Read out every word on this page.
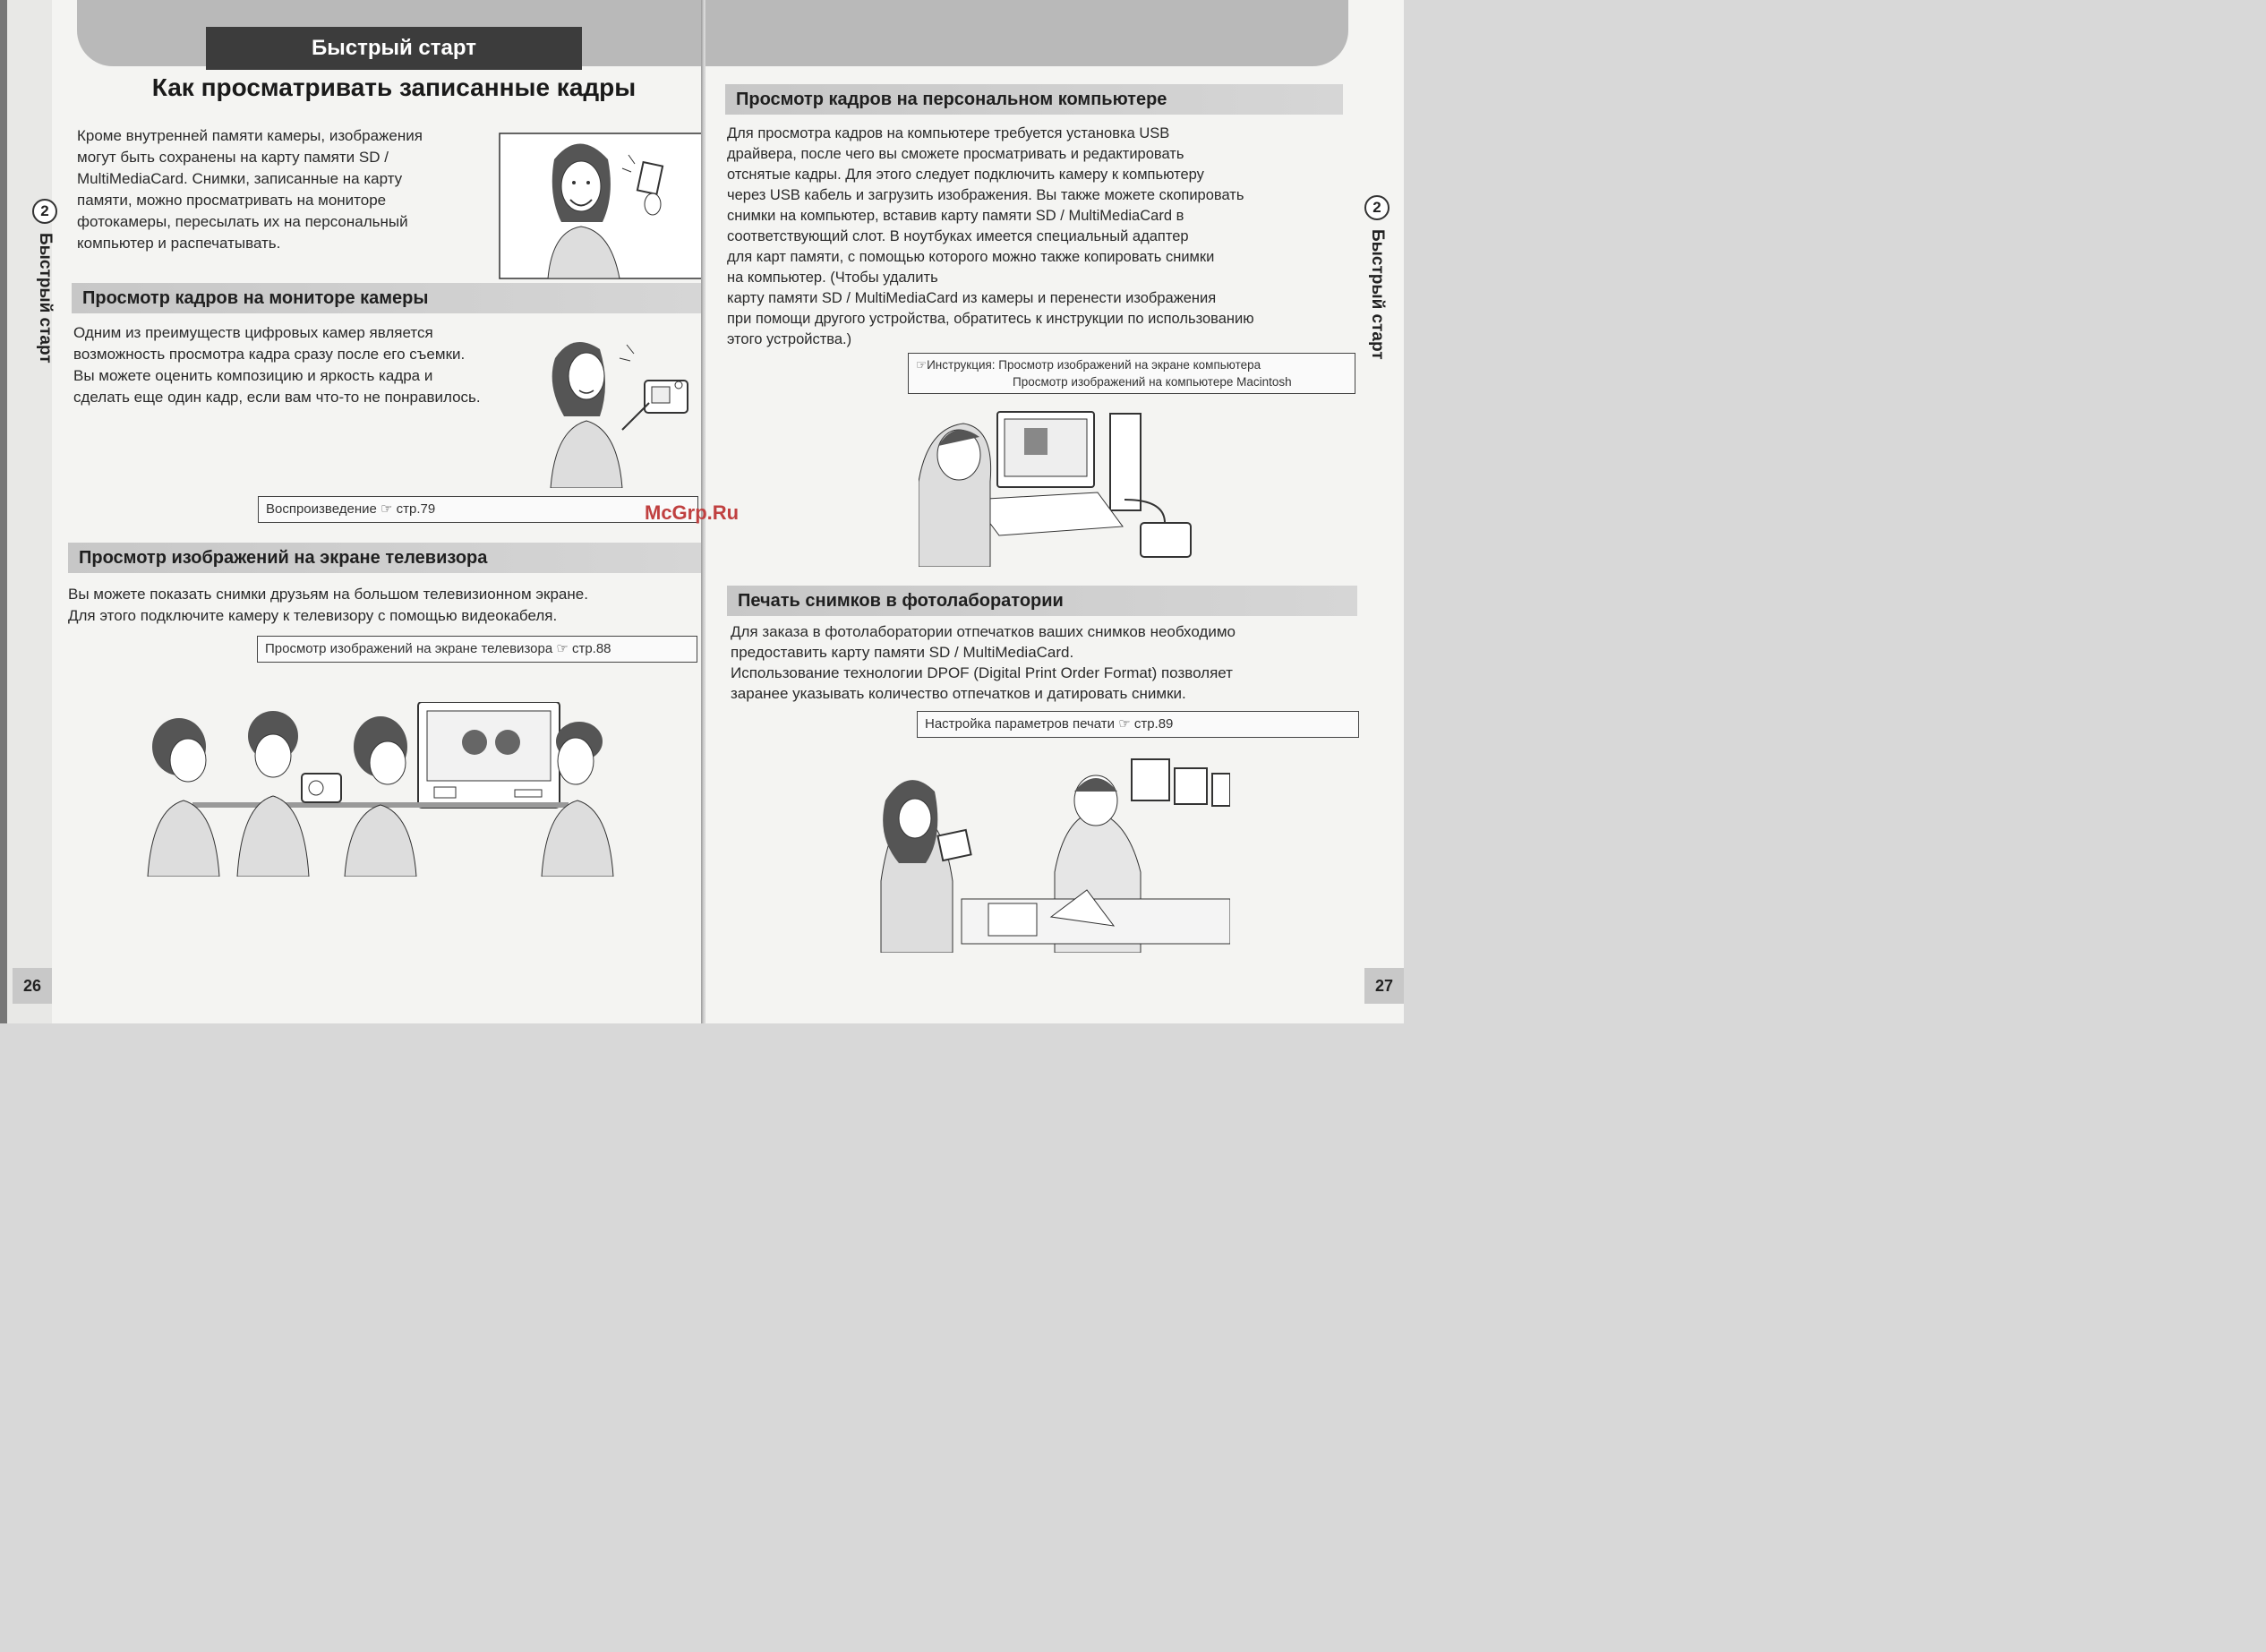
Быстрый старт
Как просматривать записанные кадры
Кроме внутренней памяти камеры, изображения
могут быть сохранены на карту памяти SD /
MultiMediaCard. Снимки, записанные на карту
памяти, можно просматривать на мониторе
фотокамеры, пересылать их на персональный
компьютер и распечатывать.
Просмотр кадров на мониторе камеры
Одним из преимуществ цифровых камер является
возможность просмотра кадра сразу после его съемки.
Вы можете оценить композицию и яркость кадра и
сделать еще один кадр, если вам что-то не понравилось.
Воспроизведение ☞ стр.79
Просмотр изображений на экране телевизора
Вы можете показать снимки друзьям на большом телевизионном экране.
Для этого подключите камеру к телевизору с помощью видеокабеля.
Просмотр изображений на экране телевизора ☞ стр.88
2
Быстрый старт
26
Просмотр кадров на персональном компьютере
Для просмотра кадров на компьютере требуется установка USB
драйвера, после чего вы сможете просматривать и редактировать
отснятые кадры. Для этого следует подключить камеру к компьютеру
через USB кабель и загрузить изображения. Вы также можете скопировать
снимки на компьютер, вставив карту памяти SD / MultiMediaCard в
соответствующий слот. В ноутбуках имеется специальный адаптер
для карт памяти, с помощью которого можно также копировать снимки
на компьютер. (Чтобы удалить
карту памяти SD / MultiMediaCard из камеры и перенести изображения
при помощи другого устройства, обратитесь к инструкции по использованию
этого устройства.)
☞Инструкция: Просмотр изображений на экране компьютера
Просмотр изображений на компьютере Macintosh
Печать снимков в фотолаборатории
Для заказа в фотолаборатории отпечатков ваших снимков необходимо
предоставить карту памяти SD / MultiMediaCard.
Использование технологии DPOF (Digital Print Order Format) позволяет
заранее указывать количество отпечатков и датировать снимки.
Настройка параметров печати ☞ стр.89
2
Быстрый старт
27
McGrp.Ru
